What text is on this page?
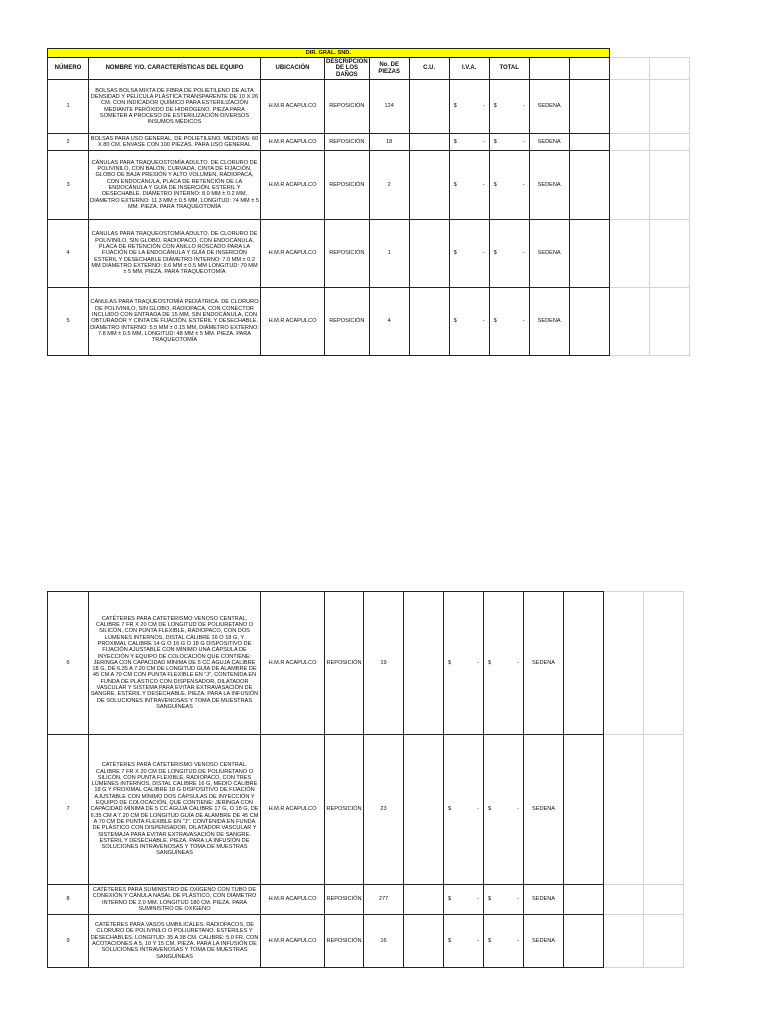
DIR. GRAL. SND.											
NÚMERO	NOMBRE Y/O. CARACTERÍSTICAS DEL EQUIPO	UBICACIÓN	DESCRIPCIÓN DE LOS DAÑOS	No. DE PIEZAS	C.U.	I.V.A.	TOTAL				
1	BOLSAS BOLSA MIXTA DE FIBRA DE POLIETILENO DE ALTA DENSIDAD Y PELÍCULA PLÁSTICA TRANSPARENTE DE 10 X 26 CM. CON INDICADOR QUÍMICO PARA ESTERILIZACIÓN MEDIANTE PERÓXIDO DE HIDRÓGENO. PIEZA PARA SOMETER A PROCESO DE ESTERILIZACIÓN DIVERSOS INSUMOS MÉDICOS	H.M.R ACAPULCO	REPOSICIÓN	124		$ -	$ -	SEDENA			
2	BOLSAS PARA USO GENERAL, DE POLIETILENO. MEDIDAS: 60 X 80 CM. ENVASE CON 100 PIEZAS. PARA USO GENERAL	H.M.R ACAPULCO	REPOSICIÓN	18		$ -	$ -	SEDENA			
3	CÁNULAS PARA TRAQUEOSTOMÍA ADULTO. DE CLORURO DE POLIVINILO, CON BALÓN, CURVADA, CINTA DE FIJACIÓN, GLOBO DE BAJA PRESIÓN Y ALTO VOLUMEN, RADIOPACA, CON ENDOCÁNULA, PLACA DE RETENCIÓN DE LA ENDOCÁNULA Y GUÍA DE INSERCIÓN. ESTÉRIL Y DESECHABLE. DIÁMETRO INTERNO: 8.0 MM ± 0.2 MM, DIÁMETRO EXTERNO: 11.3 MM ± 0.5 MM, LONGITUD: 74 MM ± 5 MM. PIEZA. PARA TRAQUEOTOMÍA	H.M.R ACAPULCO	REPOSICIÓN	2		$ -	$ -	SEDENA			
4	CÁNULAS PARA TRAQUEOSTOMÍA ADULTO. DE CLORURO DE POLIVINILO, SIN GLOBO, RADIOPACO, CON ENDOCÁNULA, PLACA DE RETENCIÓN CON ANILLO ROSCADO PARA LA FIJACIÓN DE LA ENDOCÁNULA Y GUÍA DE INSERCIÓN ESTÉRIL Y DESECHABLE DIÁMETRO INTERNO: 7.0 MM ± 0.2 MM DIÁMETRO EXTERNO: 9.6 MM ± 0.5 MM LONGITUD: 70 MM ± 5 MM. PIEZA. PARA TRAQUEOTOMÍA	H.M.R ACAPULCO	REPOSICIÓN	1		$ -	$ -	SEDENA			
5	CÁNULAS PARA TRAQUEOSTOMÍA PEDIÁTRICA. DE CLORURO DE POLIVINILO, SIN GLOBO, RADIOPACA, CON CONECTOR INCLUIDO CON ENTRADA DE 15 MM, SIN ENDOCÁNULA, CON OBTURADOR Y CINTA DE FIJACIÓN. ESTÉRIL Y DESECHABLE. DIÁMETRO INTERNO: 5.5 MM ± 0.15 MM, DIÁMETRO EXTERNO: 7.8 MM ± 0.5 MM, LONGITUD: 48 MM ± 5 MM. PIEZA. PARA TRAQUEOTOMÍA	H.M.R ACAPULCO	REPOSICIÓN	4		$ -	$ -	SEDENA			
6	CATÉTERES PARA CATETERISMO VENOSO CENTRAL. CALIBRE 7 FR X 20 CM DE LONGITUD DE POLIURETANO O SILICÓN, CON PUNTA FLEXIBLE, RADIOPACO, CON DOS LÚMENES INTERNOS, DISTAL CALIBRE 16 O 18 G, Y PROXIMAL CALIBRE 14 G O 16 G O 18 G DISPOSITIVO DE FIJACIÓN AJUSTABLE CON MÍNIMO UNA CÁPSULA DE INYECCIÓN Y EQUIPO DE COLOCACIÓN QUE CONTIENE: JERINGA CON CAPACIDAD MÍNIMA DE 5 CC AGUJA CALIBRE 18 G, DE 6.35 A 7.20 CM DE LONGITUD GUÍA DE ALAMBRE DE 45 CM A 70 CM CON PUNTA FLEXIBLE EN "J", CONTENIDA EN FUNDA DE PLÁSTICO CON DISPENSADOR, DILATADOR VASCULAR Y SISTEMA PARA EVITAR EXTRAVASACIÓN DE SANGRE. ESTÉRIL Y DESECHABLE. PIEZA. PARA LA INFUSIÓN DE SOLUCIONES INTRAVENOSAS Y TOMA DE MUESTRAS SANGUÍNEAS	H.M.R ACAPULCO	REPOSICIÓN	19		$ -	$ -	SEDENA			
7	CATÉTERES PARA CATETERISMO VENOSO CENTRAL. CALIBRE 7 FR X 20 CM DE LONGITUD DE POLIURETANO O SILICÓN, CON PUNTA FLEXIBLE, RADIOPACO, CON TRES LÚMENES INTERNOS, DISTAL CALIBRE 16 G, MEDIO CALIBRE 18 G Y PROXIMAL CALIBRE 18 G DISPOSITIVO DE FIJACIÓN AJUSTABLE CON MÍNIMO DOS CÁPSULAS DE INYECCIÓN Y EQUIPO DE COLOCACIÓN, QUE CONTIENE: JERINGA CON CAPACIDAD MÍNIMA DE 5 CC AGUJA CALIBRE 17 G, O 18 G, DE 6.35 CM A 7.20 CM DE LONGITUD GUÍA DE ALAMBRE DE 45 CM A 70 CM DE PUNTA FLEXIBLE EN "J". CONTENIDA EN FUNDA DE PLÁSTICO CON DISPENSADOR, DILATADOR VASCULAR Y SISTEMAJA PARA EVITAR EXTRAVASACIÓN DE SANGRE. ESTÉRIL Y DESECHABLE. PIEZA. PARA LA INFUSIÓN DE SOLUCIONES INTRAVENOSAS Y TOMA DE MUESTRAS SANGUÍNEAS	H.M.R ACAPULCO	REPOSICIÓN	23		$ -	$ -	SEDENA			
8	CATÉTERES PARA SUMINISTRO DE OXÍGENO CON TUBO DE CONEXIÓN Y CÁNULA NASAL DE PLÁSTICO, CON DIÁMETRO INTERNO DE 2.0 MM. LONGITUD 180 CM. PIEZA. PARA SUMINISTRO DE OXÍGENO	H.M.R ACAPULCO	REPOSICIÓN	277		$ -	$ -	SEDENA			
9	CATÉTERES PARA VASOS UMBILICALES. RADIOPACOS, DE CLORURO DE POLIVINILO O POLIURETANO. ESTÉRILES Y DESECHABLES. LONGITUD: 35 A 38 CM. CALIBRE: 5.0 FR. CON ACOTACIONES A 5, 10 Y 15 CM. PIEZA. PARA LA INFUSIÓN DE SOLUCIONES INTRAVENOSAS Y TOMA DE MUESTRAS SANGUÍNEAS	H.M.R ACAPULCO	REPOSICIÓN	16		$ -	$ -	SEDENA			
